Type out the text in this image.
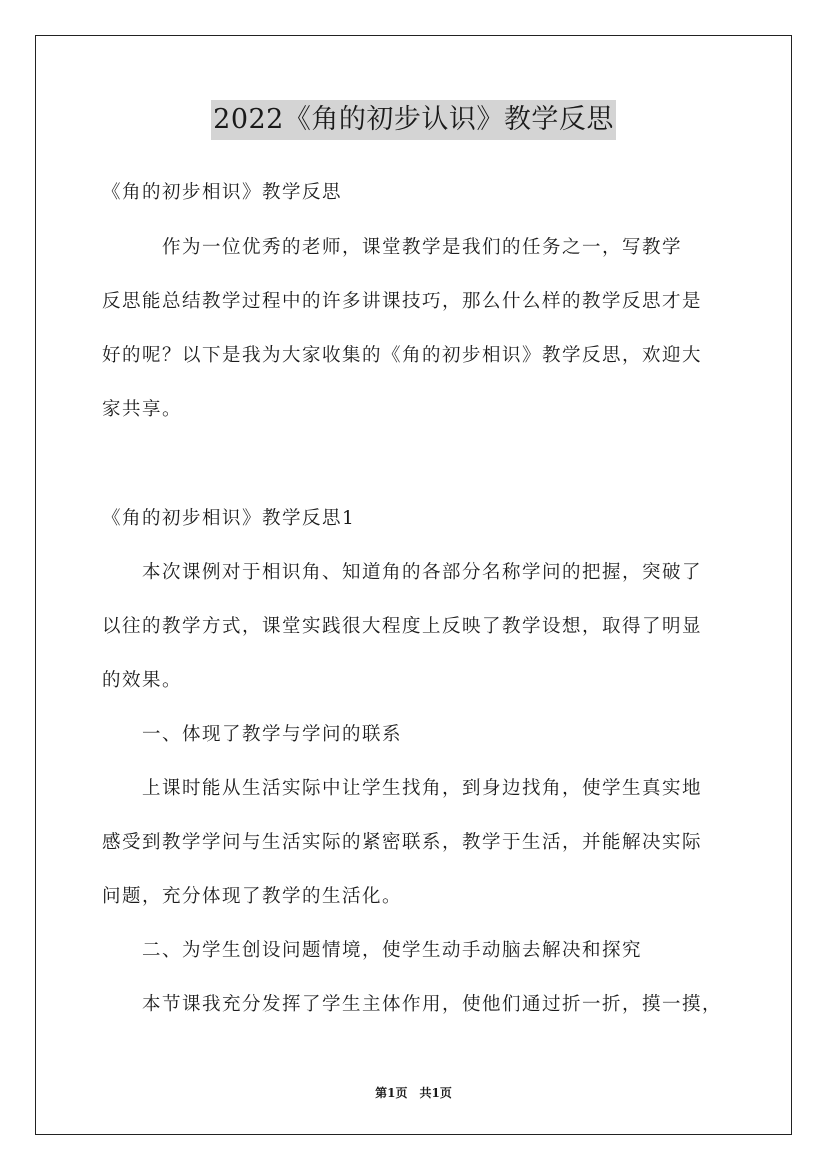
2022《角的初步认识》教学反思
《角的初步相识》教学反思
　　　作为一位优秀的老师，课堂教学是我们的任务之一，写教学
反思能总结教学过程中的许多讲课技巧，那么什么样的教学反思才是
好的呢？以下是我为大家收集的《角的初步相识》教学反思，欢迎大
家共享。
《角的初步相识》教学反思1
　　本次课例对于相识角、知道角的各部分名称学问的把握，突破了
以往的教学方式，课堂实践很大程度上反映了教学设想，取得了明显
的效果。
　　一、体现了教学与学问的联系
　　上课时能从生活实际中让学生找角，到身边找角，使学生真实地
感受到教学学问与生活实际的紧密联系，教学于生活，并能解决实际
问题，充分体现了教学的生活化。
　　二、为学生创设问题情境，使学生动手动脑去解决和探究
　　本节课我充分发挥了学生主体作用，使他们通过折一折，摸一摸，
第1页　共1页
